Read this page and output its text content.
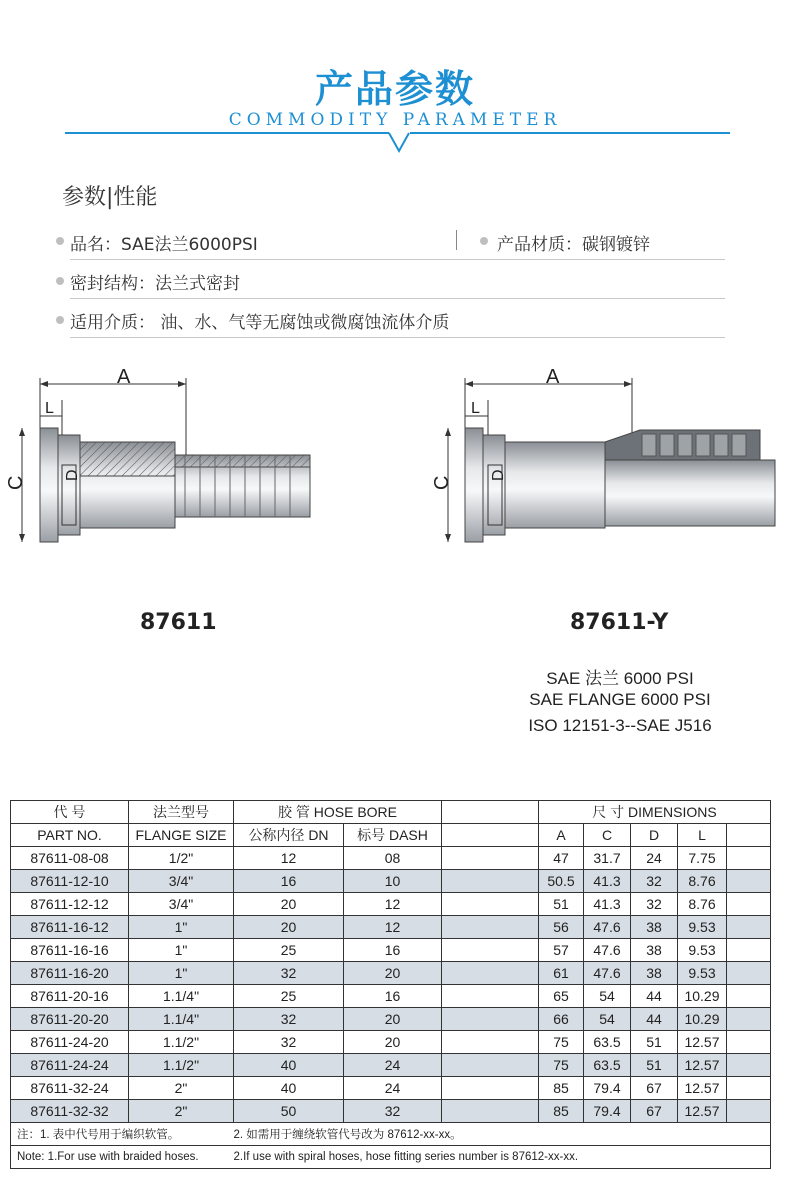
产品参数
COMMODITY PARAMETER
参数|性能
品名：SAE法兰6000PSI	产品材质：碳钢镀锌
密封结构：法兰式密封
适用介质： 油、水、气等无腐蚀或微腐蚀流体介质
A
L
C
D
A
L
C
D
87611	87611-Y
SAE 法兰 6000 PSI
SAE FLANGE 6000 PSI
ISO 12151-3--SAE J516
代 号	法兰型号	胶 管 HOSE BORE			尺 寸 DIMENSIONS				
PART NO.	FLANGE SIZE	公称内径 DN	标号 DASH		A	C	D	L	
87611-08-08	1/2"	12	08		47	31.7	24	7.75	
87611-12-10	3/4"	16	10		50.5	41.3	32	8.76	
87611-12-12	3/4"	20	12		51	41.3	32	8.76	
87611-16-12	1"	20	12		56	47.6	38	9.53	
87611-16-16	1"	25	16		57	47.6	38	9.53	
87611-16-20	1"	32	20		61	47.6	38	9.53	
87611-20-16	1.1/4"	25	16		65	54	44	10.29	
87611-20-20	1.1/4"	32	20		66	54	44	10.29	
87611-24-20	1.1/2"	32	20		75	63.5	51	12.57	
87611-24-24	1.1/2"	40	24		75	63.5	51	12.57	
87611-32-24	2"	40	24		85	79.4	67	12.57	
87611-32-32	2"	50	32		85	79.4	67	12.57	
注：1. 表中代号用于编织软管。		2. 如需用于缠绕软管代号改为 87612-xx-xx。							
Note: 1.For use with braided hoses.		2.If use with spiral hoses, hose fitting series number is 87612-xx-xx.							
